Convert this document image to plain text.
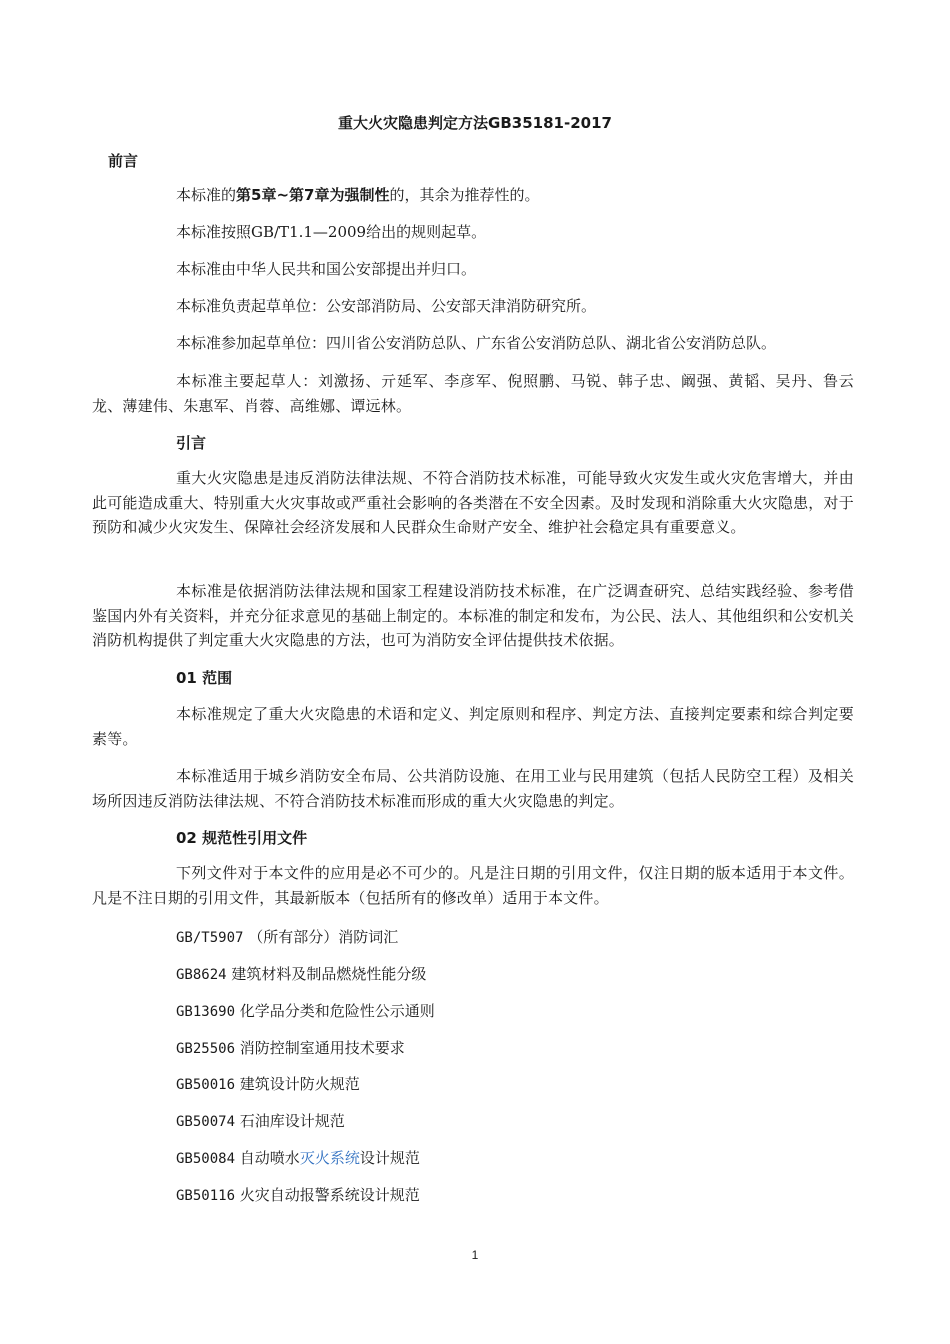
重大火灾隐患判定方法GB35181-2017
前言
本标准的第5章~第7章为强制性的，其余为推荐性的。
本标准按照GB/T1.1—2009给出的规则起草。
本标准由中华人民共和国公安部提出并归口。
本标准负责起草单位：公安部消防局、公安部天津消防研究所。
本标准参加起草单位：四川省公安消防总队、广东省公安消防总队、湖北省公安消防总队。
本标准主要起草人：刘激扬、亓延军、李彦军、倪照鹏、马锐、韩子忠、阚强、黄韬、吴丹、鲁云龙、薄建伟、朱惠军、肖蓉、高维娜、谭远林。
引言
重大火灾隐患是违反消防法律法规、不符合消防技术标准，可能导致火灾发生或火灾危害增大，并由此可能造成重大、特别重大火灾事故或严重社会影响的各类潜在不安全因素。及时发现和消除重大火灾隐患，对于预防和减少火灾发生、保障社会经济发展和人民群众生命财产安全、维护社会稳定具有重要意义。
本标准是依据消防法律法规和国家工程建设消防技术标准，在广泛调查研究、总结实践经验、参考借鉴国内外有关资料，并充分征求意见的基础上制定的。本标准的制定和发布，为公民、法人、其他组织和公安机关消防机构提供了判定重大火灾隐患的方法，也可为消防安全评估提供技术依据。
01 范围
本标准规定了重大火灾隐患的术语和定义、判定原则和程序、判定方法、直接判定要素和综合判定要素等。
本标准适用于城乡消防安全布局、公共消防设施、在用工业与民用建筑（包括人民防空工程）及相关场所因违反消防法律法规、不符合消防技术标准而形成的重大火灾隐患的判定。
02 规范性引用文件
下列文件对于本文件的应用是必不可少的。凡是注日期的引用文件，仅注日期的版本适用于本文件。凡是不注日期的引用文件，其最新版本（包括所有的修改单）适用于本文件。
GB/T5907 （所有部分）消防词汇
GB8624 建筑材料及制品燃烧性能分级
GB13690 化学品分类和危险性公示通则
GB25506 消防控制室通用技术要求
GB50016 建筑设计防火规范
GB50074 石油库设计规范
GB50084 自动喷水灭火系统设计规范
GB50116 火灾自动报警系统设计规范
1
